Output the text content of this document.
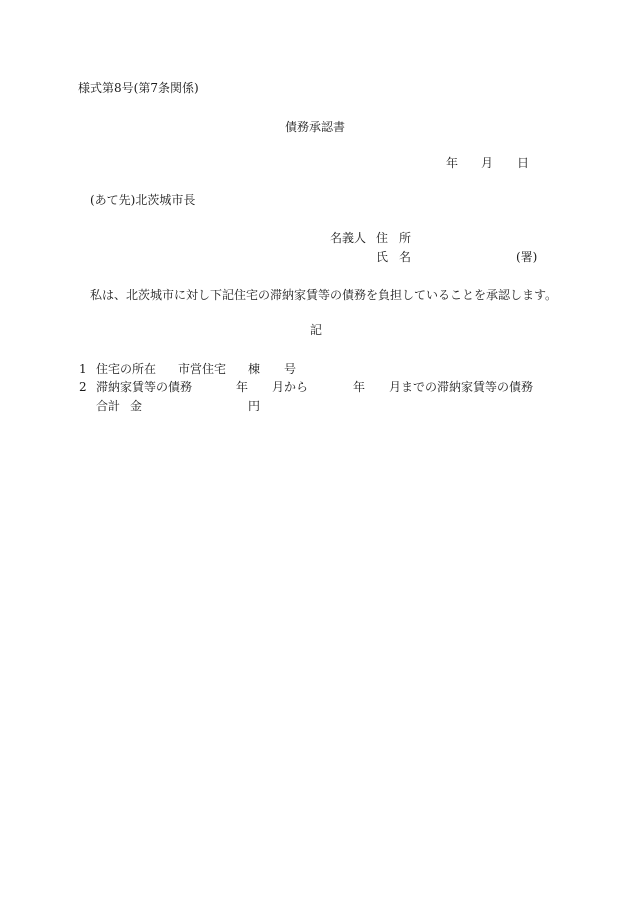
様式第8号(第7条関係)
債務承認書
年 月 日
(あて先)北茨城市長
名義人 住 所
氏 名	(署)
私は、北茨城市に対し下記住宅の滞納家賃等の債務を負担していることを承認します。
記
1 住宅の所在 市営住宅 棟 号
2 滞納家賃等の債務	年 月から	年 月までの滞納家賃等の債務
合計 金	円
